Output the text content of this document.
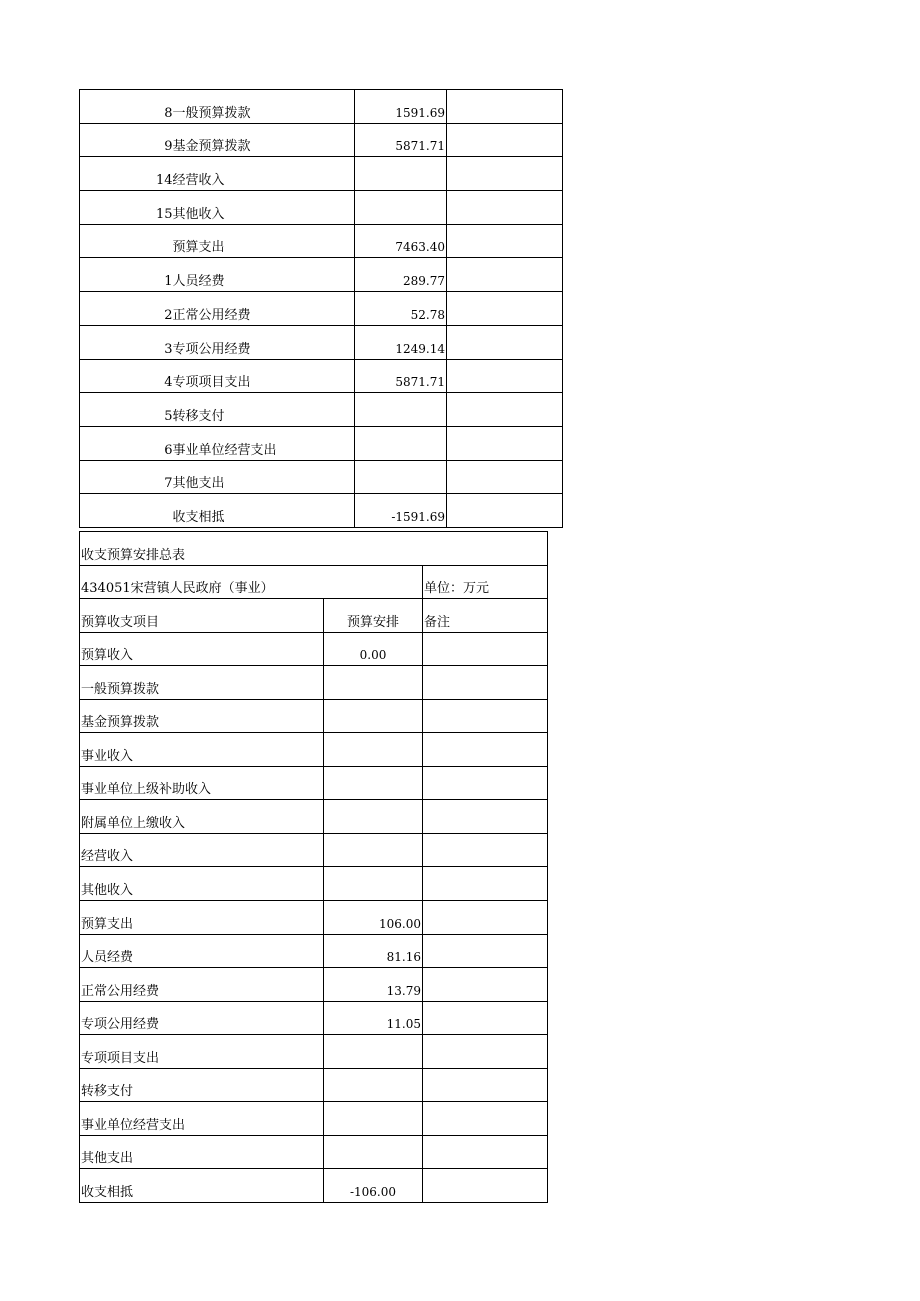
8	一般预算拨款	1591.69	
9	基金预算拨款	5871.71	
14	经营收入		
15	其他收入		
	预算支出	7463.40	
1	人员经费	289.77	
2	正常公用经费	52.78	
3	专项公用经费	1249.14	
4	专项项目支出	5871.71	
5	转移支付		
6	事业单位经营支出		
7	其他支出		
	收支相抵	-1591.69	
收支预算安排总表		
434051宋营镇人民政府（事业）		单位：万元
预算收支项目	预算安排	备注
预算收入	0.00	
一般预算拨款		
基金预算拨款		
事业收入		
事业单位上级补助收入		
附属单位上缴收入		
经营收入		
其他收入		
预算支出	106.00	
人员经费	81.16	
正常公用经费	13.79	
专项公用经费	11.05	
专项项目支出		
转移支付		
事业单位经营支出		
其他支出		
收支相抵	-106.00	
